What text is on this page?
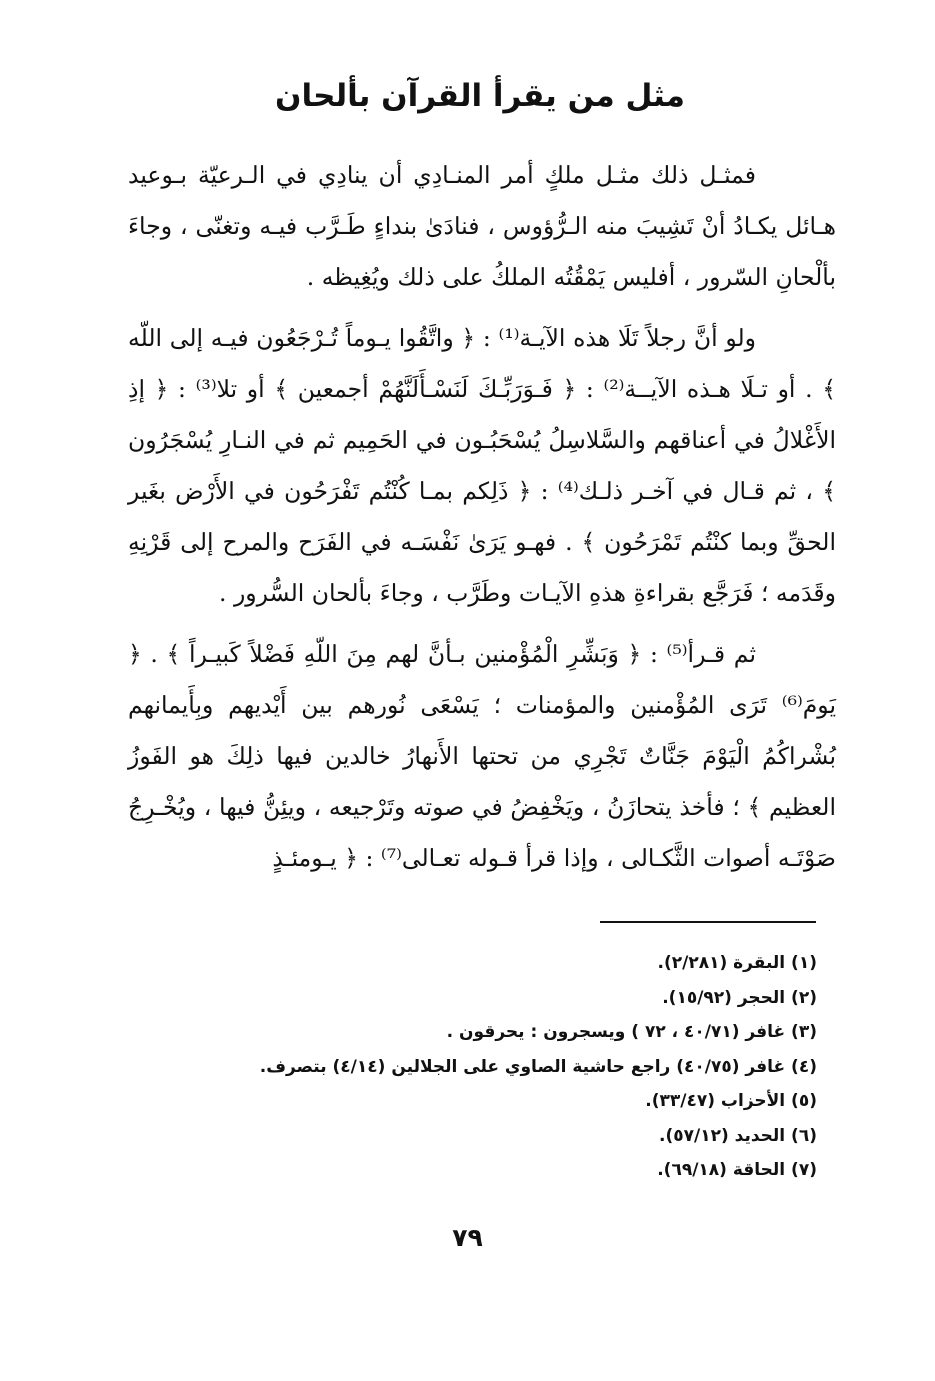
مثل من يقرأ القرآن بألحان

فمثـل ذلك مثـل ملكٍ أمر المنـادِي أن ينادِي في الـرعيّة بـوعيد هـائل يكـادُ أنْ تَشِيبَ منه الـرُّؤوس ، فنادَىٰ بنداءٍ طَـرَّب فيـه وتغنّى ، وجاءَ بألْحانِ السّرور ، أفليس يَمْقُتُه الملكُ على ذلك ويُغِيظه .

ولو أنَّ رجلاً تَلَا هذه الآيـة⁽¹⁾ : ﴿ واتَّقُوا يـوماً تُـرْجَعُون فيـه إلى اللّه ﴾ . أو تـلَا هـذه الآيــة⁽²⁾ : ﴿ فَـوَرَبِّـكَ لَنَسْـأَلَنَّهُمْ أجمعين ﴾ أو تلا⁽³⁾ : ﴿ إذِ الأَغْلالُ في أعناقهم والسَّلاسِلُ يُسْحَبُـون في الحَمِيم ثم في النـارِ يُسْجَرُون ﴾ ، ثم قـال في آخـر ذلـك⁽⁴⁾ : ﴿ ذَلِكم بمـا كُنْتُم تَفْرَحُون في الأَرْض بغَير الحقِّ وبما كنْتُم تَمْرَحُون ﴾ . فهـو يَرَىٰ نَفْسَـه في الفَرَح والمرح إلى قَرْنِهِ وقَدَمه ؛ فَرَجَّع بقراءةِ هذهِ الآيـات وطَرَّب ، وجاءَ بألحان السُّرور .

ثم قـرأ⁽⁵⁾ : ﴿ وَبَشِّرِ الْمُؤْمنين بـأنَّ لهم مِنَ اللّهِ فَضْلاً كَبيـراً ﴾ . ﴿ يَومَ⁽⁶⁾ تَرَى المُؤْمنين والمؤمنات ؛ يَسْعَى نُورهم بين أَيْديهم وبِأَيمانهم بُشْراكُمُ الْيَوْمَ جَنَّاتٌ تَجْرِي من تحتها الأَنهارُ خالدين فيها ذلِكَ هو الفَوزُ العظيم ﴾ ؛ فأخذ يتحازَنُ ، ويَخْفِضُ في صوته وتَرْجيعه ، ويئِنُّ فيها ، ويُخْـرِجُ صَوْتَـه أصوات الثَّكـالى ، وإذا قرأ قـوله تعـالى⁽⁷⁾ : ﴿ يـومئـذٍ

(١) البقرة (٢/٢٨١).
(٢) الحجر (١٥/٩٢).
(٣) غافر (٤٠/٧١ ، ٧٢ ) ويسجرون : يحرقون .
(٤) غافر (٤٠/٧٥) راجع حاشية الصاوي على الجلالين (٤/١٤) بتصرف.
(٥) الأحزاب (٣٣/٤٧).
(٦) الحديد (٥٧/١٢).
(٧) الحاقة (٦٩/١٨).
٧٩
